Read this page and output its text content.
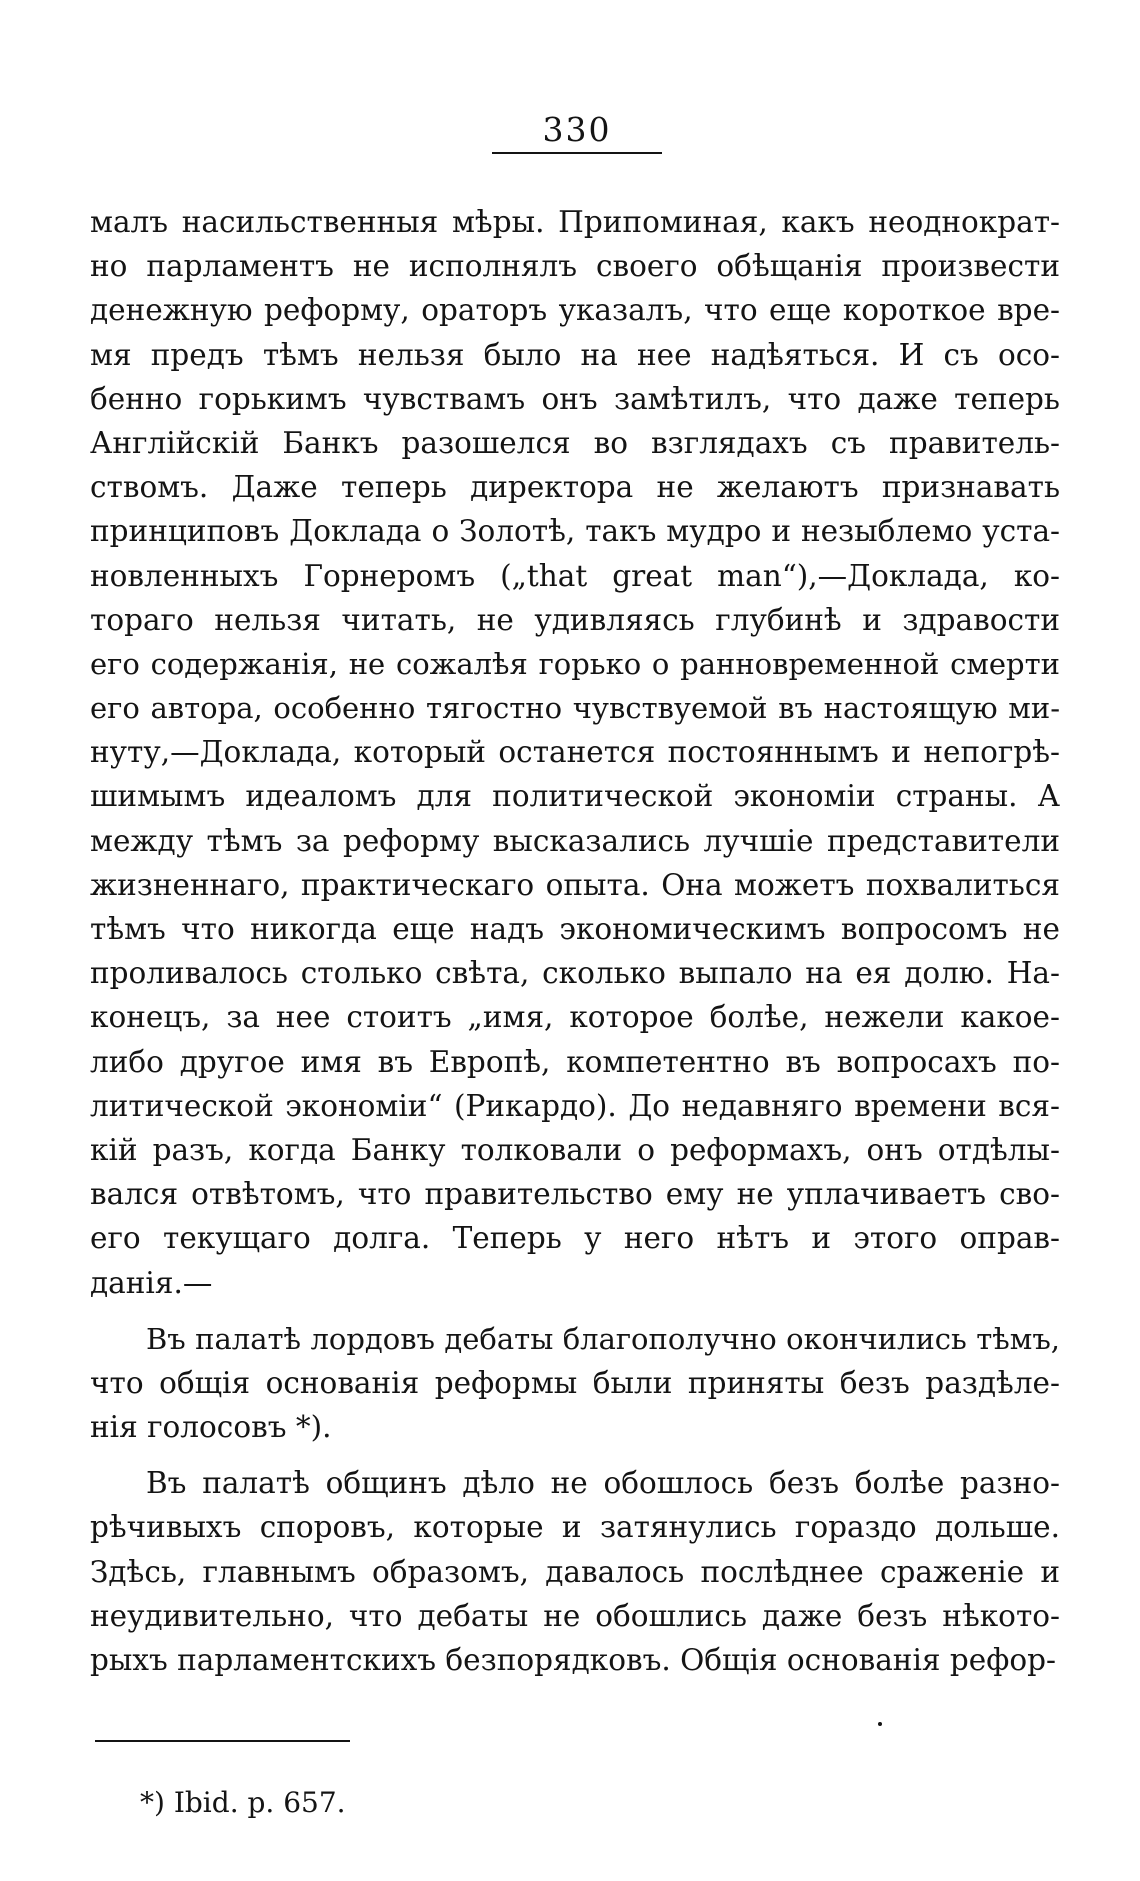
330
малъ насильственныя мѣры. Припоминая, какъ неоднократ-
но парламентъ не исполнялъ своего обѣщанія произвести
денежную реформу, ораторъ указалъ, что еще короткое вре-
мя предъ тѣмъ нельзя было на нее надѣяться. И съ осо-
бенно горькимъ чувствамъ онъ замѣтилъ, что даже теперь
Англійскій Банкъ разошелся во взглядахъ съ правитель-
ствомъ. Даже теперь директора не желаютъ признавать
принциповъ Доклада о Золотѣ, такъ мудро и незыблемо уста-
новленныхъ Горнеромъ („that great man“),—Доклада, ко-
тораго нельзя читать, не удивляясь глубинѣ и здравости
его содержанія, не сожалѣя горько о ранновременной смерти
его автора, особенно тягостно чувствуемой въ настоящую ми-
нуту,—Доклада, который останется постояннымъ и непогрѣ-
шимымъ идеаломъ для политической экономіи страны. А
между тѣмъ за реформу высказались лучшіе представители
жизненнаго, практическаго опыта. Она можетъ похвалиться
тѣмъ что никогда еще надъ экономическимъ вопросомъ не
проливалось столько свѣта, сколько выпало на ея долю. На-
конецъ, за нее стоитъ „имя, которое болѣе, нежели какое-
либо другое имя въ Европѣ, компетентно въ вопросахъ по-
литической экономіи“ (Рикардо). До недавняго времени вся-
кій разъ, когда Банку толковали о реформахъ, онъ отдѣлы-
вался отвѣтомъ, что правительство ему не уплачиваетъ сво-
его текущаго долга. Теперь у него нѣтъ и этого оправ-
данія.—
Въ палатѣ лордовъ дебаты благополучно окончились тѣмъ,
что общія основанія реформы были приняты безъ раздѣле-
нія голосовъ *).
Въ палатѣ общинъ дѣло не обошлось безъ болѣе разно-
рѣчивыхъ споровъ, которые и затянулись гораздо дольше.
Здѣсь, главнымъ образомъ, давалось послѣднее сраженіе и
неудивительно, что дебаты не обошлись даже безъ нѣкото-
рыхъ парламентскихъ безпорядковъ. Общія основанія рефор-
*) Ibid. p. 657.
